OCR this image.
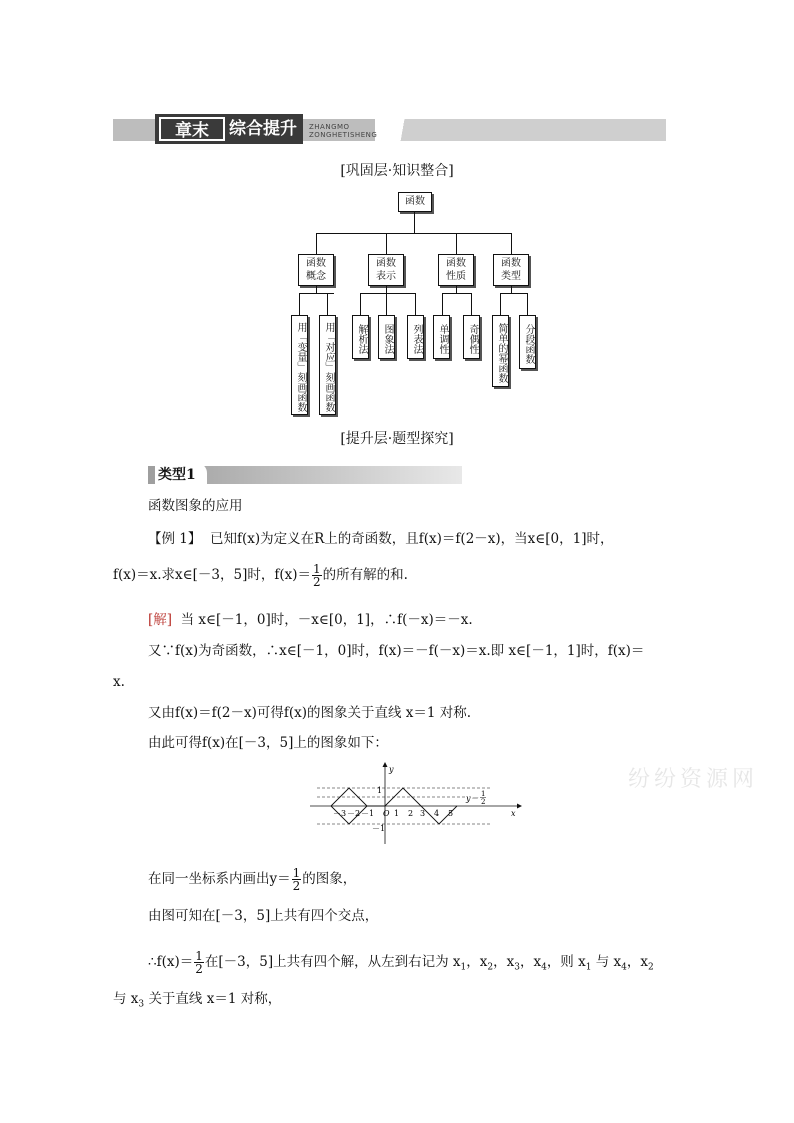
章末	综合提升 ZHANGMO
ZONGHETISHENG
[巩固层·知识整合]
函数
函数
概念
函数
表示
函数
性质
函数
类型
用「变量」刻画函数	用「对应」刻画函数	解析法	图象法	列表法	单调性	奇偶性	简单的幂函数	分段函数
[提升层·题型探究]
类型1
函数图象的应用
【例 1】 已知f(x)为定义在R上的奇函数，且f(x)＝f(2－x)，当x∈[0，1]时，
f(x)＝x.求x∈[－3，5]时，$f(x)= \frac{1}{2}$ 的所有解的和.
[解] 当 x∈[－1，0]时，－x∈[0，1]，∴f(－x)＝－x.
又∵f(x)为奇函数，∴x∈[－1，0]时，f(x)＝－f(－x)＝x.即 x∈[－1，1]时，f(x)＝
x.
又由f(x)＝f(2－x)可得f(x)的图象关于直线 x＝1 对称.
由此可得f(x)在[－3，5]上的图象如下：
y
x
1
－1
y＝ 1
2
－3 －2 －1 O 1 2 3 4 5
纷纷资源网
在同一坐标系内画出$y= \frac{1}{2}$ 的图象，
由图可知在[－3，5]上共有四个交点，
∴f(x)＝ $\frac{1}{2}$ 在[－3，5]上共有四个解，从左到右记为 $x_1$，$x_2$，$x_3$，$x_4$，则 $x_1$ 与 $x_4$，$x_2$
与 $x_3$ 关于直线 x＝1 对称，
